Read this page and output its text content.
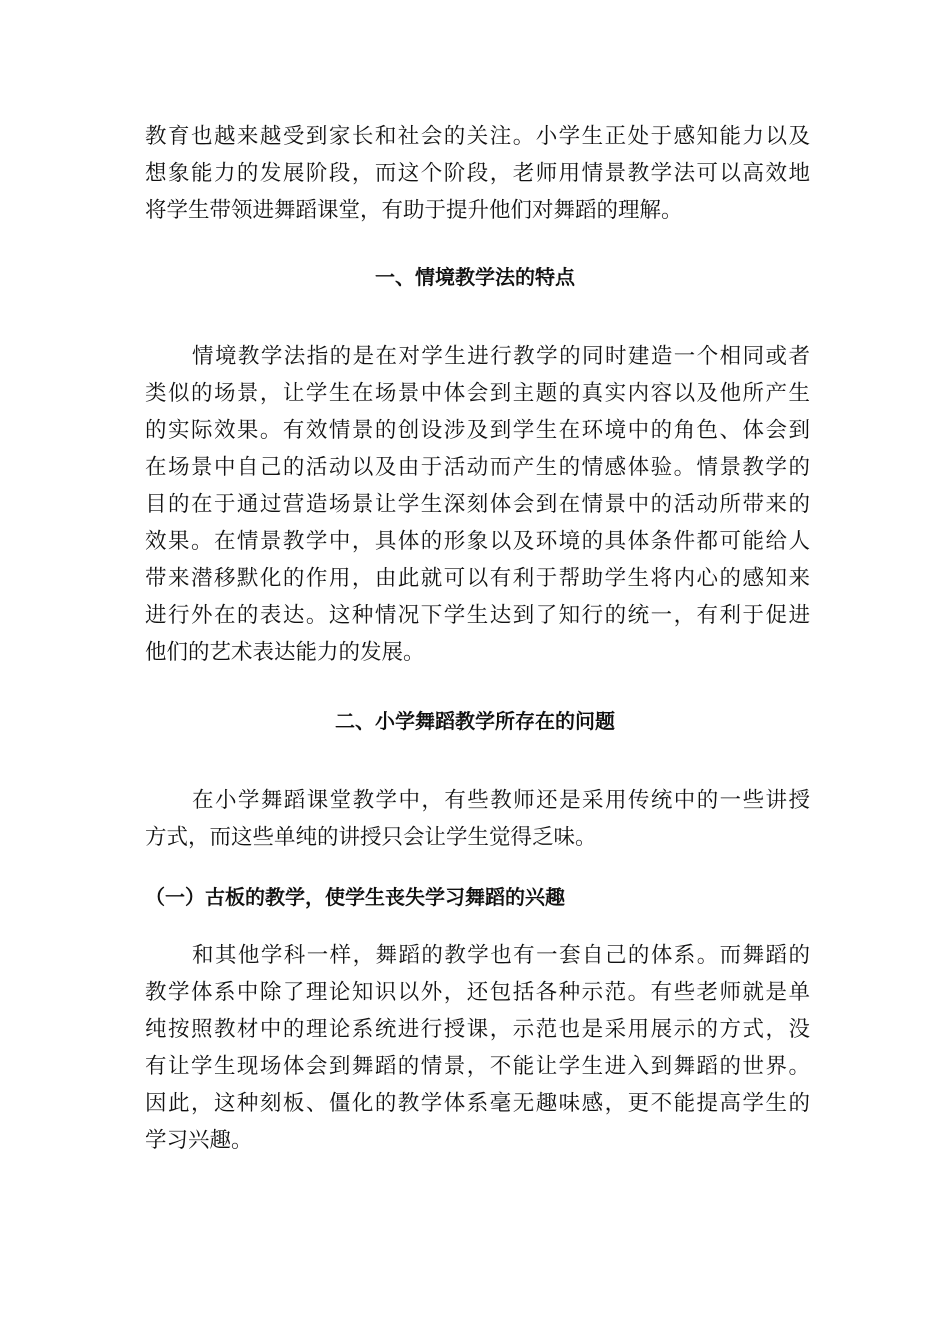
教育也越来越受到家长和社会的关注。小学生正处于感知能力以及
想象能力的发展阶段，而这个阶段，老师用情景教学法可以高效地
将学生带领进舞蹈课堂，有助于提升他们对舞蹈的理解。
一、情境教学法的特点
情境教学法指的是在对学生进行教学的同时建造一个相同或者
类似的场景，让学生在场景中体会到主题的真实内容以及他所产生
的实际效果。有效情景的创设涉及到学生在环境中的角色、体会到
在场景中自己的活动以及由于活动而产生的情感体验。情景教学的
目的在于通过营造场景让学生深刻体会到在情景中的活动所带来的
效果。在情景教学中，具体的形象以及环境的具体条件都可能给人
带来潜移默化的作用，由此就可以有利于帮助学生将内心的感知来
进行外在的表达。这种情况下学生达到了知行的统一，有利于促进
他们的艺术表达能力的发展。
二、小学舞蹈教学所存在的问题
在小学舞蹈课堂教学中，有些教师还是采用传统中的一些讲授
方式，而这些单纯的讲授只会让学生觉得乏味。
（一）古板的教学，使学生丧失学习舞蹈的兴趣
和其他学科一样，舞蹈的教学也有一套自己的体系。而舞蹈的
教学体系中除了理论知识以外，还包括各种示范。有些老师就是单
纯按照教材中的理论系统进行授课，示范也是采用展示的方式，没
有让学生现场体会到舞蹈的情景，不能让学生进入到舞蹈的世界。
因此，这种刻板、僵化的教学体系毫无趣味感，更不能提高学生的
学习兴趣。
